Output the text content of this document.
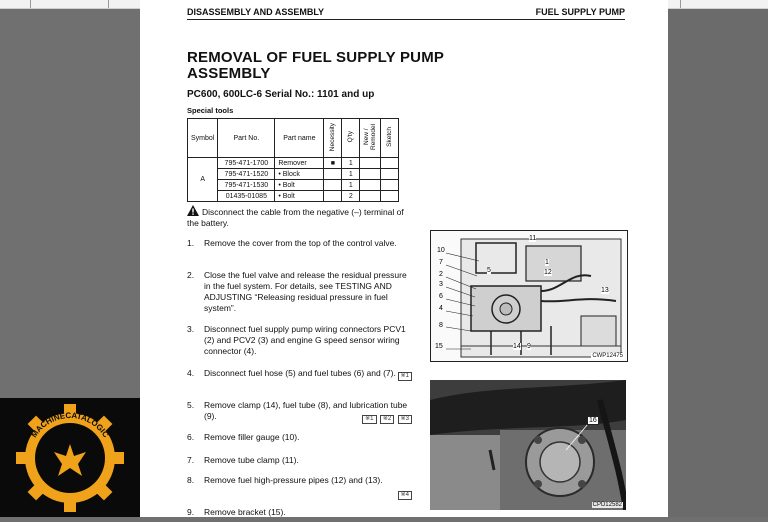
DISASSEMBLY AND ASSEMBLY	FUEL SUPPLY PUMP
REMOVAL OF FUEL SUPPLY PUMP ASSEMBLY
PC600, 600LC-6 Serial No.: 1101 and up
Special tools
Symbol	Part No.	Part name	Necessity	Q'ty	New / Remodel	Sketch
A	795-471-1700	Remover	■	1		
	795-471-1520	• Block		1		
	795-471-1530	• Bolt		1		
	01435-01085	• Bolt		2		
Disconnect the cable from the negative (–) terminal of the battery.
1. Remove the cover from the top of the control valve.
2. Close the fuel valve and release the residual pressure in the fuel system. For details, see TESTING AND ADJUSTING “Releasing residual pressure in fuel system”.
3. Disconnect fuel supply pump wiring connectors PCV1 (2) and PCV2 (3) and engine G speed sensor wiring connector (4).
4. Disconnect fuel hose (5) and fuel tubes (6) and (7). ※1
5. Remove clamp (14), fuel tube (8), and lubrication tube (9).	※1 ※2 ※3
6. Remove filler gauge (10).
7. Remove tube clamp (11).
8. Remove fuel high-pressure pipes (12) and (13).
※4
9. Remove bracket (15).
10
7
2
3
6
4
8
15
11
1
5	12
9
14
13
CWP12475
16
CPD12582
MACHINECATALOGIC
